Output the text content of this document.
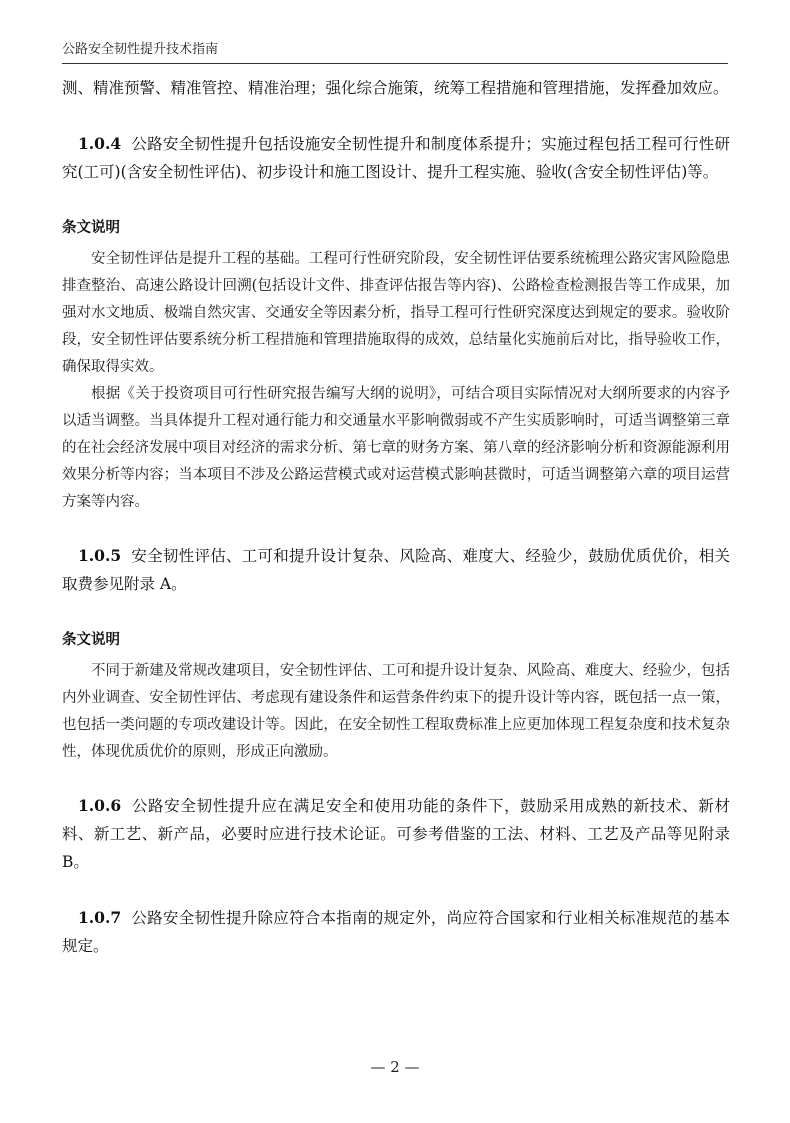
公路安全韧性提升技术指南

测、精准预警、精准管控、精准治理；强化综合施策，统筹工程措施和管理措施，发挥叠加效应。

1.0.4 公路安全韧性提升包括设施安全韧性提升和制度体系提升；实施过程包括工程可行性研究(工可)(含安全韧性评估)、初步设计和施工图设计、提升工程实施、验收(含安全韧性评估)等。

条文说明

安全韧性评估是提升工程的基础。工程可行性研究阶段，安全韧性评估要系统梳理公路灾害风险隐患排查整治、高速公路设计回溯(包括设计文件、排查评估报告等内容)、公路检查检测报告等工作成果，加强对水文地质、极端自然灾害、交通安全等因素分析，指导工程可行性研究深度达到规定的要求。验收阶段，安全韧性评估要系统分析工程措施和管理措施取得的成效，总结量化实施前后对比，指导验收工作，确保取得实效。

根据《关于投资项目可行性研究报告编写大纲的说明》，可结合项目实际情况对大纲所要求的内容予以适当调整。当具体提升工程对通行能力和交通量水平影响微弱或不产生实质影响时，可适当调整第三章的在社会经济发展中项目对经济的需求分析、第七章的财务方案、第八章的经济影响分析和资源能源利用效果分析等内容；当本项目不涉及公路运营模式或对运营模式影响甚微时，可适当调整第六章的项目运营方案等内容。

1.0.5 安全韧性评估、工可和提升设计复杂、风险高、难度大、经验少，鼓励优质优价，相关取费参见附录 A。

条文说明

不同于新建及常规改建项目，安全韧性评估、工可和提升设计复杂、风险高、难度大、经验少，包括内外业调查、安全韧性评估、考虑现有建设条件和运营条件约束下的提升设计等内容，既包括一点一策，也包括一类问题的专项改建设计等。因此，在安全韧性工程取费标准上应更加体现工程复杂度和技术复杂性，体现优质优价的原则，形成正向激励。

1.0.6 公路安全韧性提升应在满足安全和使用功能的条件下，鼓励采用成熟的新技术、新材料、新工艺、新产品，必要时应进行技术论证。可参考借鉴的工法、材料、工艺及产品等见附录 B。

1.0.7 公路安全韧性提升除应符合本指南的规定外，尚应符合国家和行业相关标准规范的基本规定。

— 2 —
